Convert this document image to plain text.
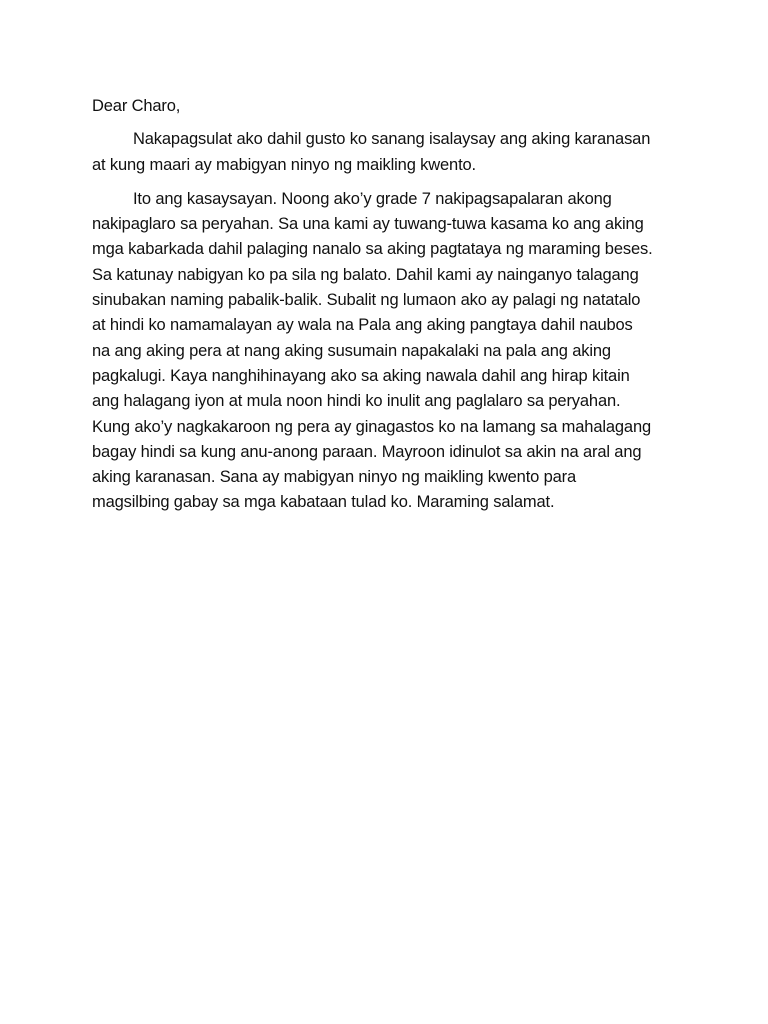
Dear Charo,
Nakapagsulat ako dahil gusto ko sanang isalaysay ang aking karanasan
at kung maari ay mabigyan ninyo ng maikling kwento.
Ito ang kasaysayan. Noong ako’y grade 7 nakipagsapalaran akong
nakipaglaro sa peryahan. Sa una kami ay tuwang-tuwa kasama ko ang aking
mga kabarkada dahil palaging nanalo sa aking pagtataya ng maraming beses.
Sa katunay nabigyan ko pa sila ng balato. Dahil kami ay nainganyo talagang
sinubakan naming pabalik-balik. Subalit ng lumaon ako ay palagi ng natatalo
at hindi ko namamalayan ay wala na Pala ang aking pangtaya dahil naubos
na ang aking pera at nang aking susumain napakalaki na pala ang aking
pagkalugi. Kaya nanghihinayang ako sa aking nawala dahil ang hirap kitain
ang halagang iyon at mula noon hindi ko inulit ang paglalaro sa peryahan.
Kung ako’y nagkakaroon ng pera ay ginagastos ko na lamang sa mahalagang
bagay hindi sa kung anu-anong paraan. Mayroon idinulot sa akin na aral ang
aking karanasan. Sana ay mabigyan ninyo ng maikling kwento para
magsilbing gabay sa mga kabataan tulad ko. Maraming salamat.
